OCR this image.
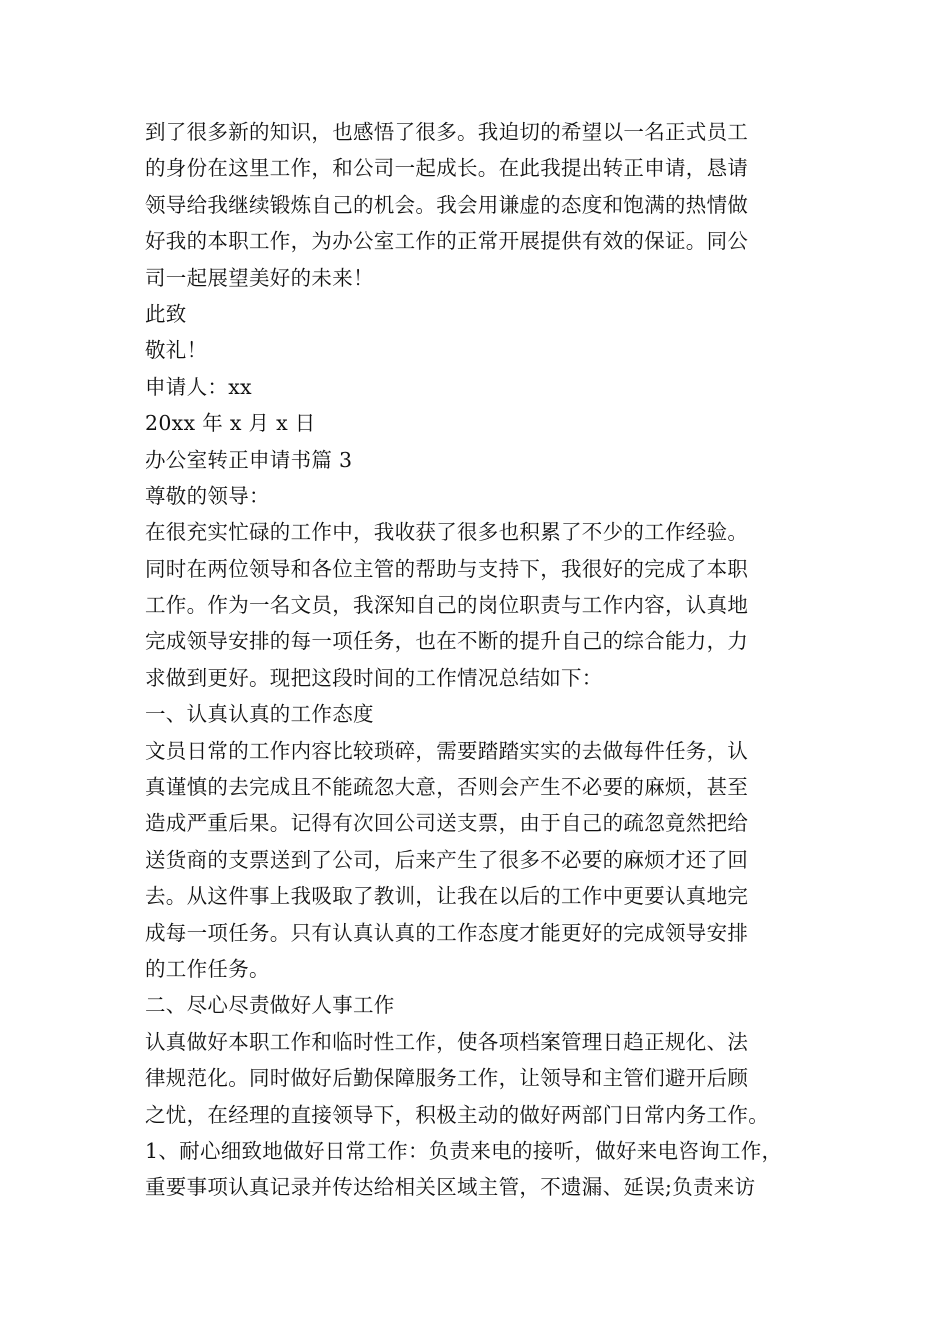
到了很多新的知识，也感悟了很多。我迫切的希望以一名正式员工
的身份在这里工作，和公司一起成长。在此我提出转正申请，恳请
领导给我继续锻炼自己的机会。我会用谦虚的态度和饱满的热情做
好我的本职工作，为办公室工作的正常开展提供有效的保证。同公
司一起展望美好的未来！
此致
敬礼！
申请人：xx
20xx 年 x 月 x 日
办公室转正申请书篇 3
尊敬的领导：
在很充实忙碌的工作中，我收获了很多也积累了不少的工作经验。
同时在两位领导和各位主管的帮助与支持下，我很好的完成了本职
工作。作为一名文员，我深知自己的岗位职责与工作内容，认真地
完成领导安排的每一项任务，也在不断的提升自己的综合能力，力
求做到更好。现把这段时间的工作情况总结如下：
一、认真认真的工作态度
文员日常的工作内容比较琐碎，需要踏踏实实的去做每件任务，认
真谨慎的去完成且不能疏忽大意，否则会产生不必要的麻烦，甚至
造成严重后果。记得有次回公司送支票，由于自己的疏忽竟然把给
送货商的支票送到了公司，后来产生了很多不必要的麻烦才还了回
去。从这件事上我吸取了教训，让我在以后的工作中更要认真地完
成每一项任务。只有认真认真的工作态度才能更好的完成领导安排
的工作任务。
二、尽心尽责做好人事工作
认真做好本职工作和临时性工作，使各项档案管理日趋正规化、法
律规范化。同时做好后勤保障服务工作，让领导和主管们避开后顾
之忧，在经理的直接领导下，积极主动的做好两部门日常内务工作。
1、耐心细致地做好日常工作：负责来电的接听，做好来电咨询工作，
重要事项认真记录并传达给相关区域主管，不遗漏、延误;负责来访
